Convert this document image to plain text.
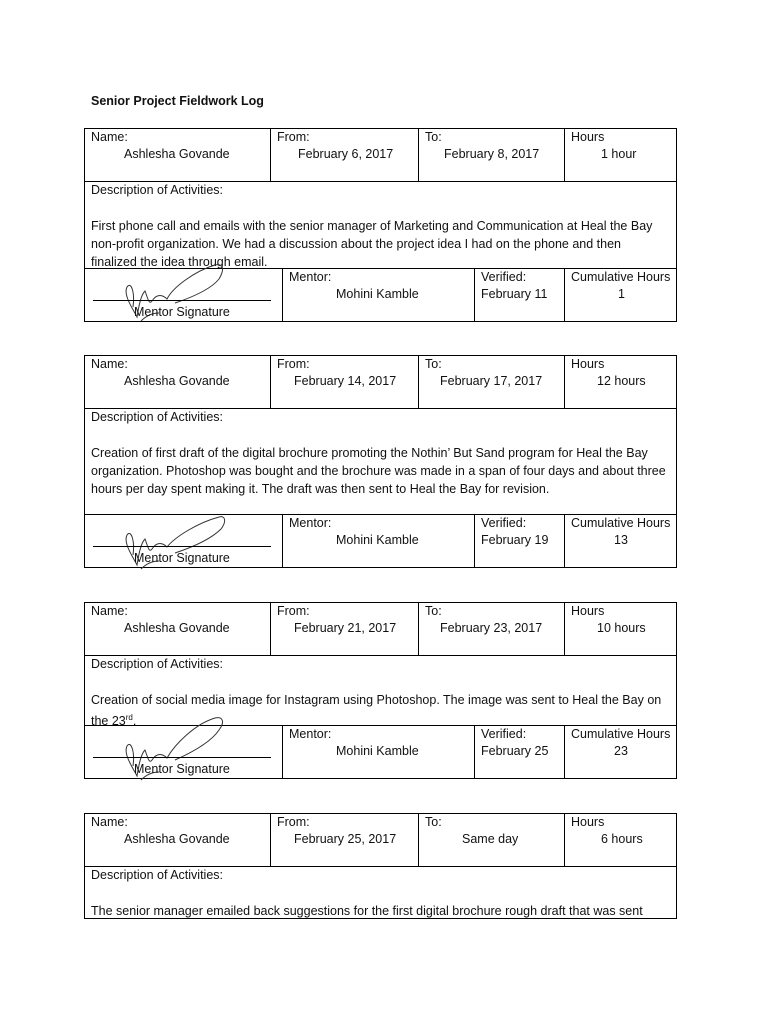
Senior Project Fieldwork Log
Name:
Ashlesha Govande
From:
February 6, 2017
To:
February 8, 2017
Hours
1 hour
Description of Activities:
First phone call and emails with the senior manager of Marketing and Communication at Heal the Bay non-profit organization. We had a discussion about the project idea I had on the phone and then finalized the idea through email.
Mentor Signature
Mentor:
Mohini Kamble
Verified:
February 11
Cumulative Hours
1
Name:
Ashlesha Govande
From:
February 14, 2017
To:
February 17, 2017
Hours
12 hours
Description of Activities:
Creation of first draft of the digital brochure promoting the Nothin’ But Sand program for Heal the Bay organization. Photoshop was bought and the brochure was made in a span of four days and about three hours per day spent making it. The draft was then sent to Heal the Bay for revision.
Mentor Signature
Mentor:
Mohini Kamble
Verified:
February 19
Cumulative Hours
13
Name:
Ashlesha Govande
From:
February 21, 2017
To:
February 23, 2017
Hours
10 hours
Description of Activities:
Creation of social media image for Instagram using Photoshop. The image was sent to Heal the Bay on the 23rd.
Mentor Signature
Mentor:
Mohini Kamble
Verified:
February 25
Cumulative Hours
23
Name:
Ashlesha Govande
From:
February 25, 2017
To:
Same day
Hours
6 hours
Description of Activities:
The senior manager emailed back suggestions for the first digital brochure rough draft that was sent
